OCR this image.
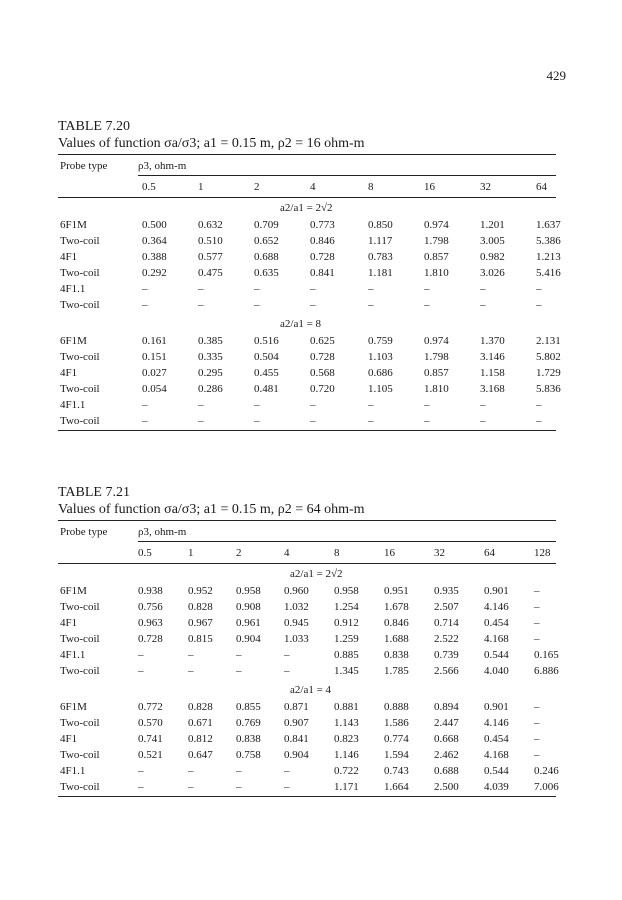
429
TABLE 7.20
Values of function σa/σ3; a1 = 0.15 m, ρ2 = 16 ohm-m
Probe type	ρ3, ohm-m
0.5	1	2	4	8	16	32	64
a2/a1 = 2√2
6F1M	0.500	0.632	0.709	0.773	0.850	0.974	1.201	1.637
Two-coil	0.364	0.510	0.652	0.846	1.117	1.798	3.005	5.386
4F1	0.388	0.577	0.688	0.728	0.783	0.857	0.982	1.213
Two-coil	0.292	0.475	0.635	0.841	1.181	1.810	3.026	5.416
4F1.1	–	–	–	–	–	–	–	–
Two-coil	–	–	–	–	–	–	–	–
a2/a1 = 8
6F1M	0.161	0.385	0.516	0.625	0.759	0.974	1.370	2.131
Two-coil	0.151	0.335	0.504	0.728	1.103	1.798	3.146	5.802
4F1	0.027	0.295	0.455	0.568	0.686	0.857	1.158	1.729
Two-coil	0.054	0.286	0.481	0.720	1.105	1.810	3.168	5.836
4F1.1	–	–	–	–	–	–	–	–
Two-coil	–	–	–	–	–	–	–	–
TABLE 7.21
Values of function σa/σ3; a1 = 0.15 m, ρ2 = 64 ohm-m
Probe type	ρ3, ohm-m
0.5	1	2	4	8	16	32	64	128
a2/a1 = 2√2
6F1M	0.938 0.952 0.958 0.960 0.958 0.951 0.935 0.901 –
Two-coil	0.756 0.828 0.908 1.032 1.254 1.678 2.507 4.146 –
4F1	0.963 0.967 0.961 0.945 0.912 0.846 0.714 0.454 –
Two-coil	0.728 0.815 0.904 1.033 1.259 1.688 2.522 4.168 –
4F1.1	–	–	–	–	0.885 0.838 0.739 0.544 0.165
Two-coil	–	–	–	–	1.345 1.785 2.566 4.040 6.886
a2/a1 = 4
6F1M	0.772 0.828 0.855 0.871 0.881 0.888 0.894 0.901 –
Two-coil	0.570 0.671 0.769 0.907 1.143 1.586 2.447 4.146 –
4F1	0.741 0.812 0.838 0.841 0.823 0.774 0.668 0.454 –
Two-coil	0.521 0.647 0.758 0.904 1.146 1.594 2.462 4.168 –
4F1.1	–	–	–	–	0.722 0.743 0.688 0.544 0.246
Two-coil	–	–	–	–	1.171 1.664 2.500 4.039 7.006
